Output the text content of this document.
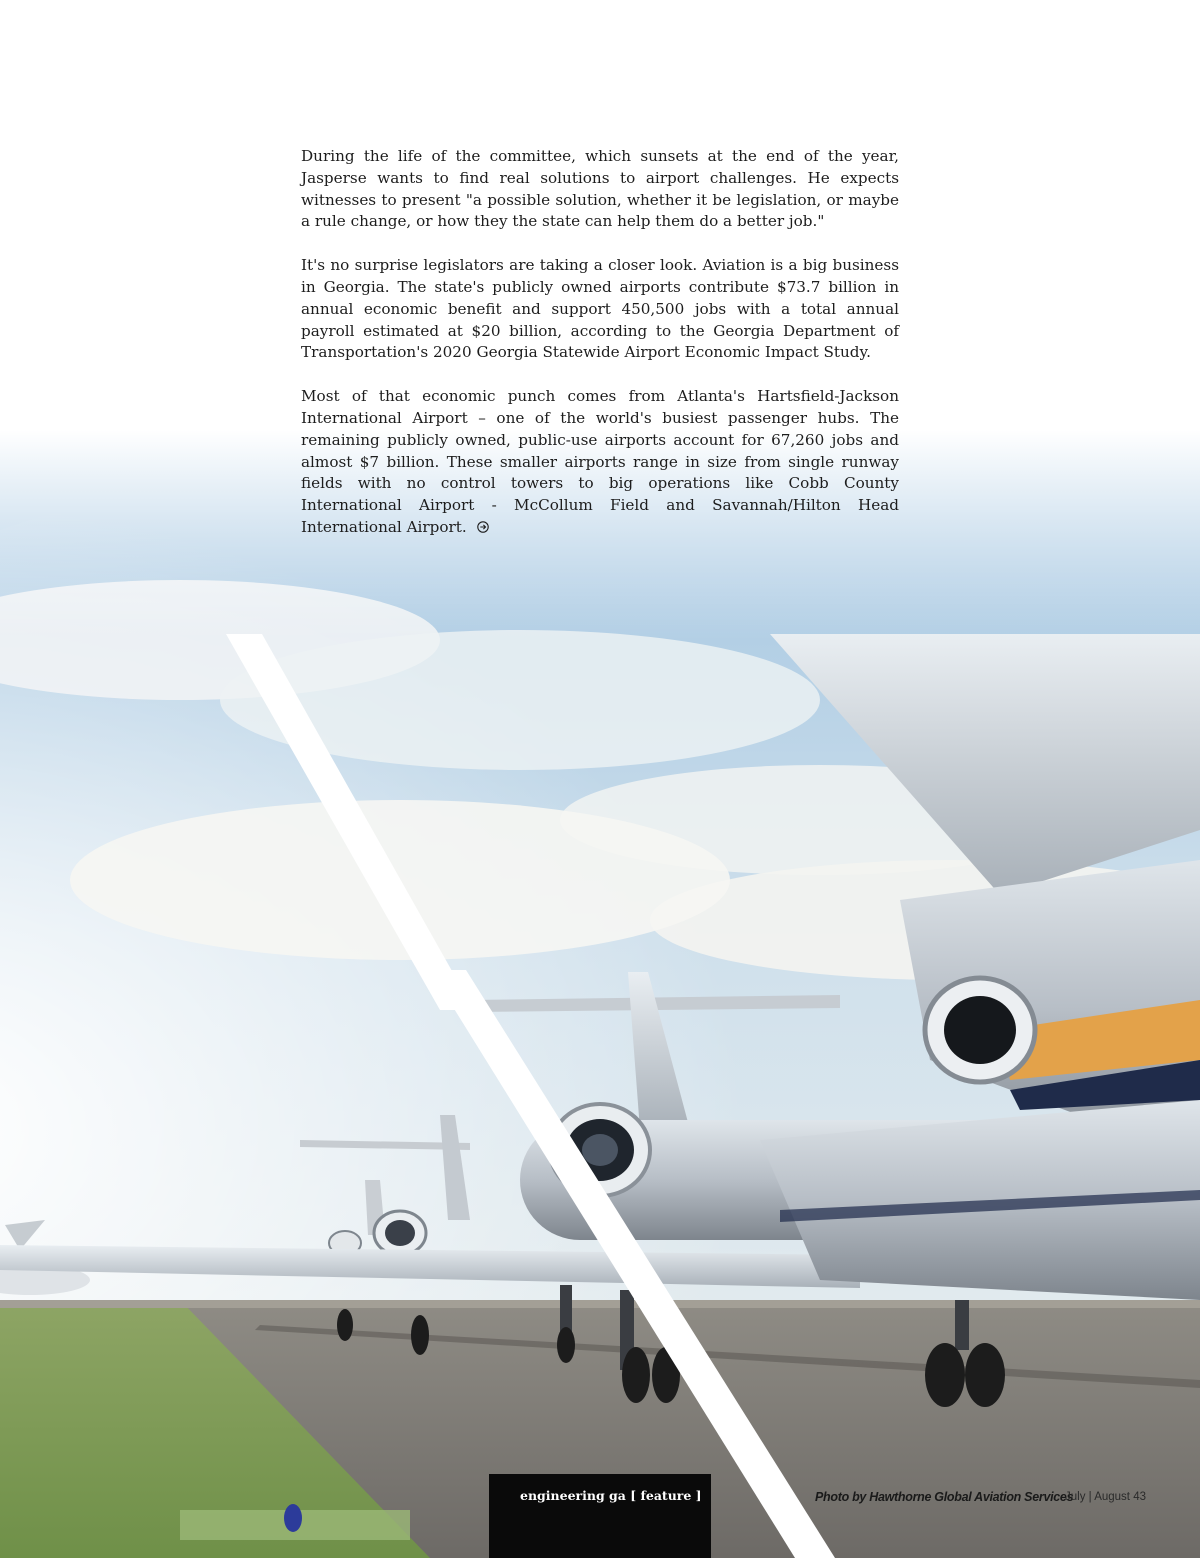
During the life of the committee, which sunsets at the end of the year, Jasperse wants to find real solutions to airport challenges. He expects witnesses to present "a possible solution, whether it be legislation, or maybe a rule change, or how they the state can help them do a better job."

It's no surprise legislators are taking a closer look. Aviation is a big business in Georgia. The state's publicly owned airports contribute $73.7 billion in annual economic benefit and support 450,500 jobs with a total annual payroll estimated at $20 billion, according to the Georgia Department of Transportation's 2020 Georgia Statewide Airport Economic Impact Study.

Most of that economic punch comes from Atlanta's Hartsfield-Jackson International Airport – one of the world's busiest passenger hubs. The remaining publicly owned, public-use airports account for 67,260 jobs and almost $7 billion. These smaller airports range in size from single runway fields with no control towers to big operations like Cobb County International Airport - McCollum Field and Savannah/Hilton Head International Airport.

engineering ga [ feature ]	Photo by Hawthorne Global Aviation Services
July | August 43
